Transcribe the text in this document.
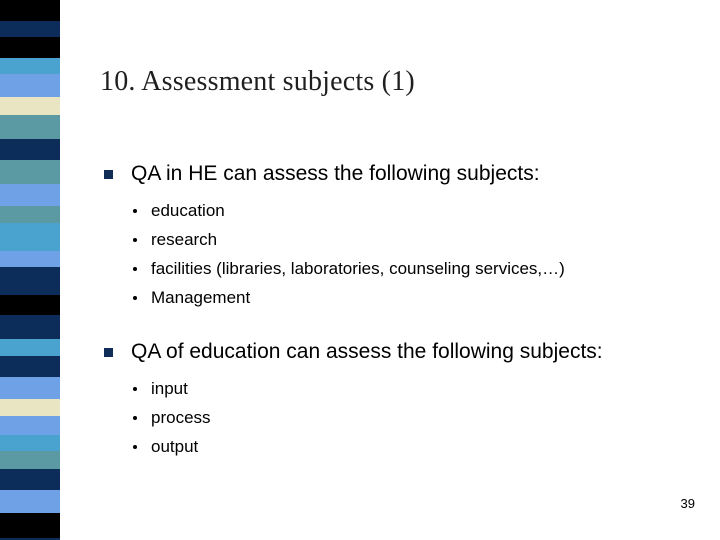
10. Assessment subjects (1)
QA in HE can assess the following subjects:
education
research
facilities (libraries, laboratories, counseling services,…)
Management
QA of education can assess the following subjects:
input
process
output
39
